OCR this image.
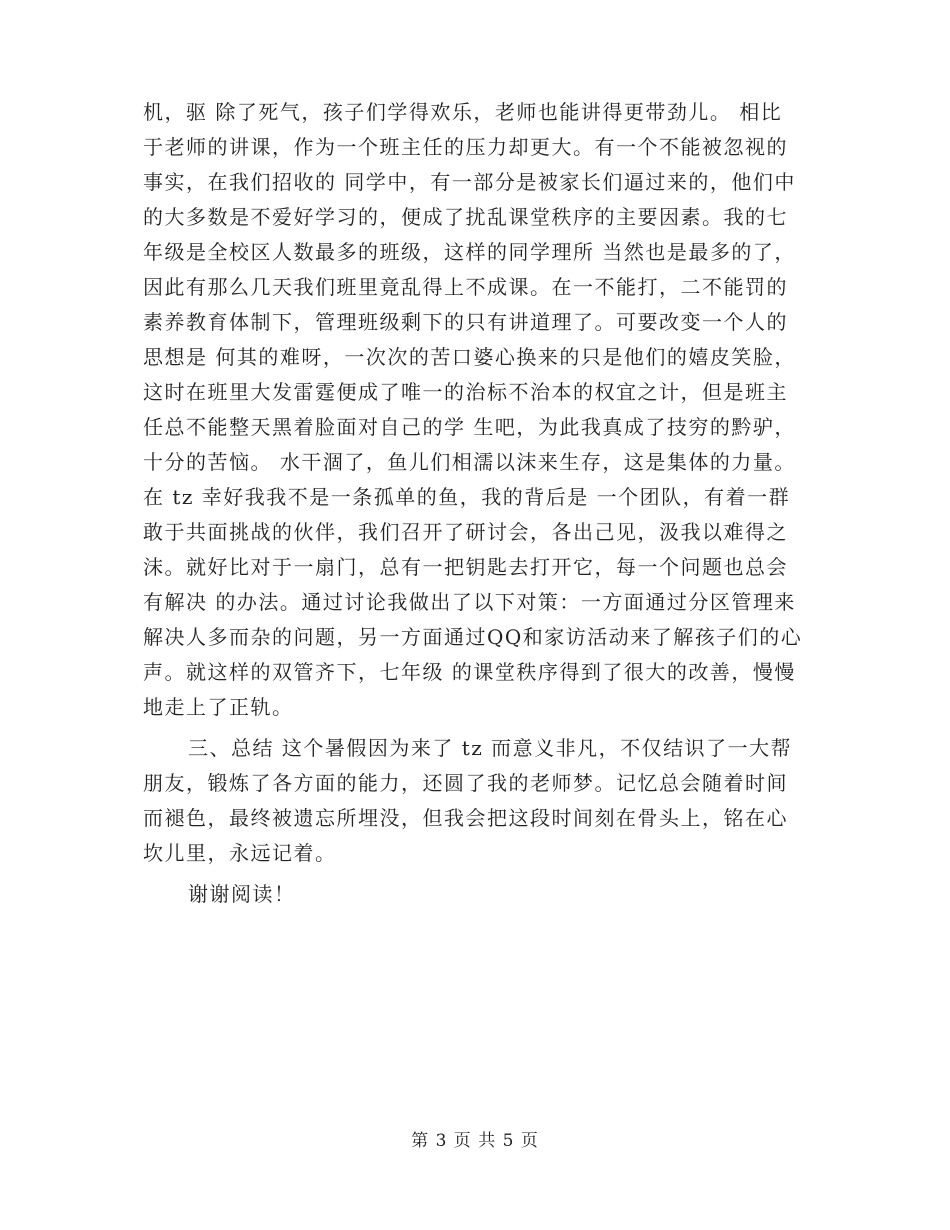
机，驱 除了死气，孩子们学得欢乐，老师也能讲得更带劲儿。 相比
于老师的讲课，作为一个班主任的压力却更大。有一个不能被忽视的
事实，在我们招收的 同学中，有一部分是被家长们逼过来的，他们中
的大多数是不爱好学习的，便成了扰乱课堂秩序的主要因素。我的七
年级是全校区人数最多的班级，这样的同学理所 当然也是最多的了，
因此有那么几天我们班里竟乱得上不成课。在一不能打，二不能罚的
素养教育体制下，管理班级剩下的只有讲道理了。可要改变一个人的
思想是 何其的难呀，一次次的苦口婆心换来的只是他们的嬉皮笑脸，
这时在班里大发雷霆便成了唯一的治标不治本的权宜之计，但是班主
任总不能整天黑着脸面对自己的学 生吧，为此我真成了技穷的黔驴，
十分的苦恼。 水干涸了，鱼儿们相濡以沫来生存，这是集体的力量。
在 tz 幸好我我不是一条孤单的鱼，我的背后是 一个团队，有着一群
敢于共面挑战的伙伴，我们召开了研讨会，各出己见，汲我以难得之
沫。就好比对于一扇门，总有一把钥匙去打开它，每一个问题也总会
有解决 的办法。通过讨论我做出了以下对策：一方面通过分区管理来
解决人多而杂的问题，另一方面通过QQ和家访活动来了解孩子们的心
声。就这样的双管齐下，七年级 的课堂秩序得到了很大的改善，慢慢
地走上了正轨。

三、总结 这个暑假因为来了 tz 而意义非凡，不仅结识了一大帮
朋友，锻炼了各方面的能力，还圆了我的老师梦。记忆总会随着时间
而褪色，最终被遗忘所埋没，但我会把这段时间刻在骨头上，铭在心
坎儿里，永远记着。

谢谢阅读！

第 3 页 共 5 页
